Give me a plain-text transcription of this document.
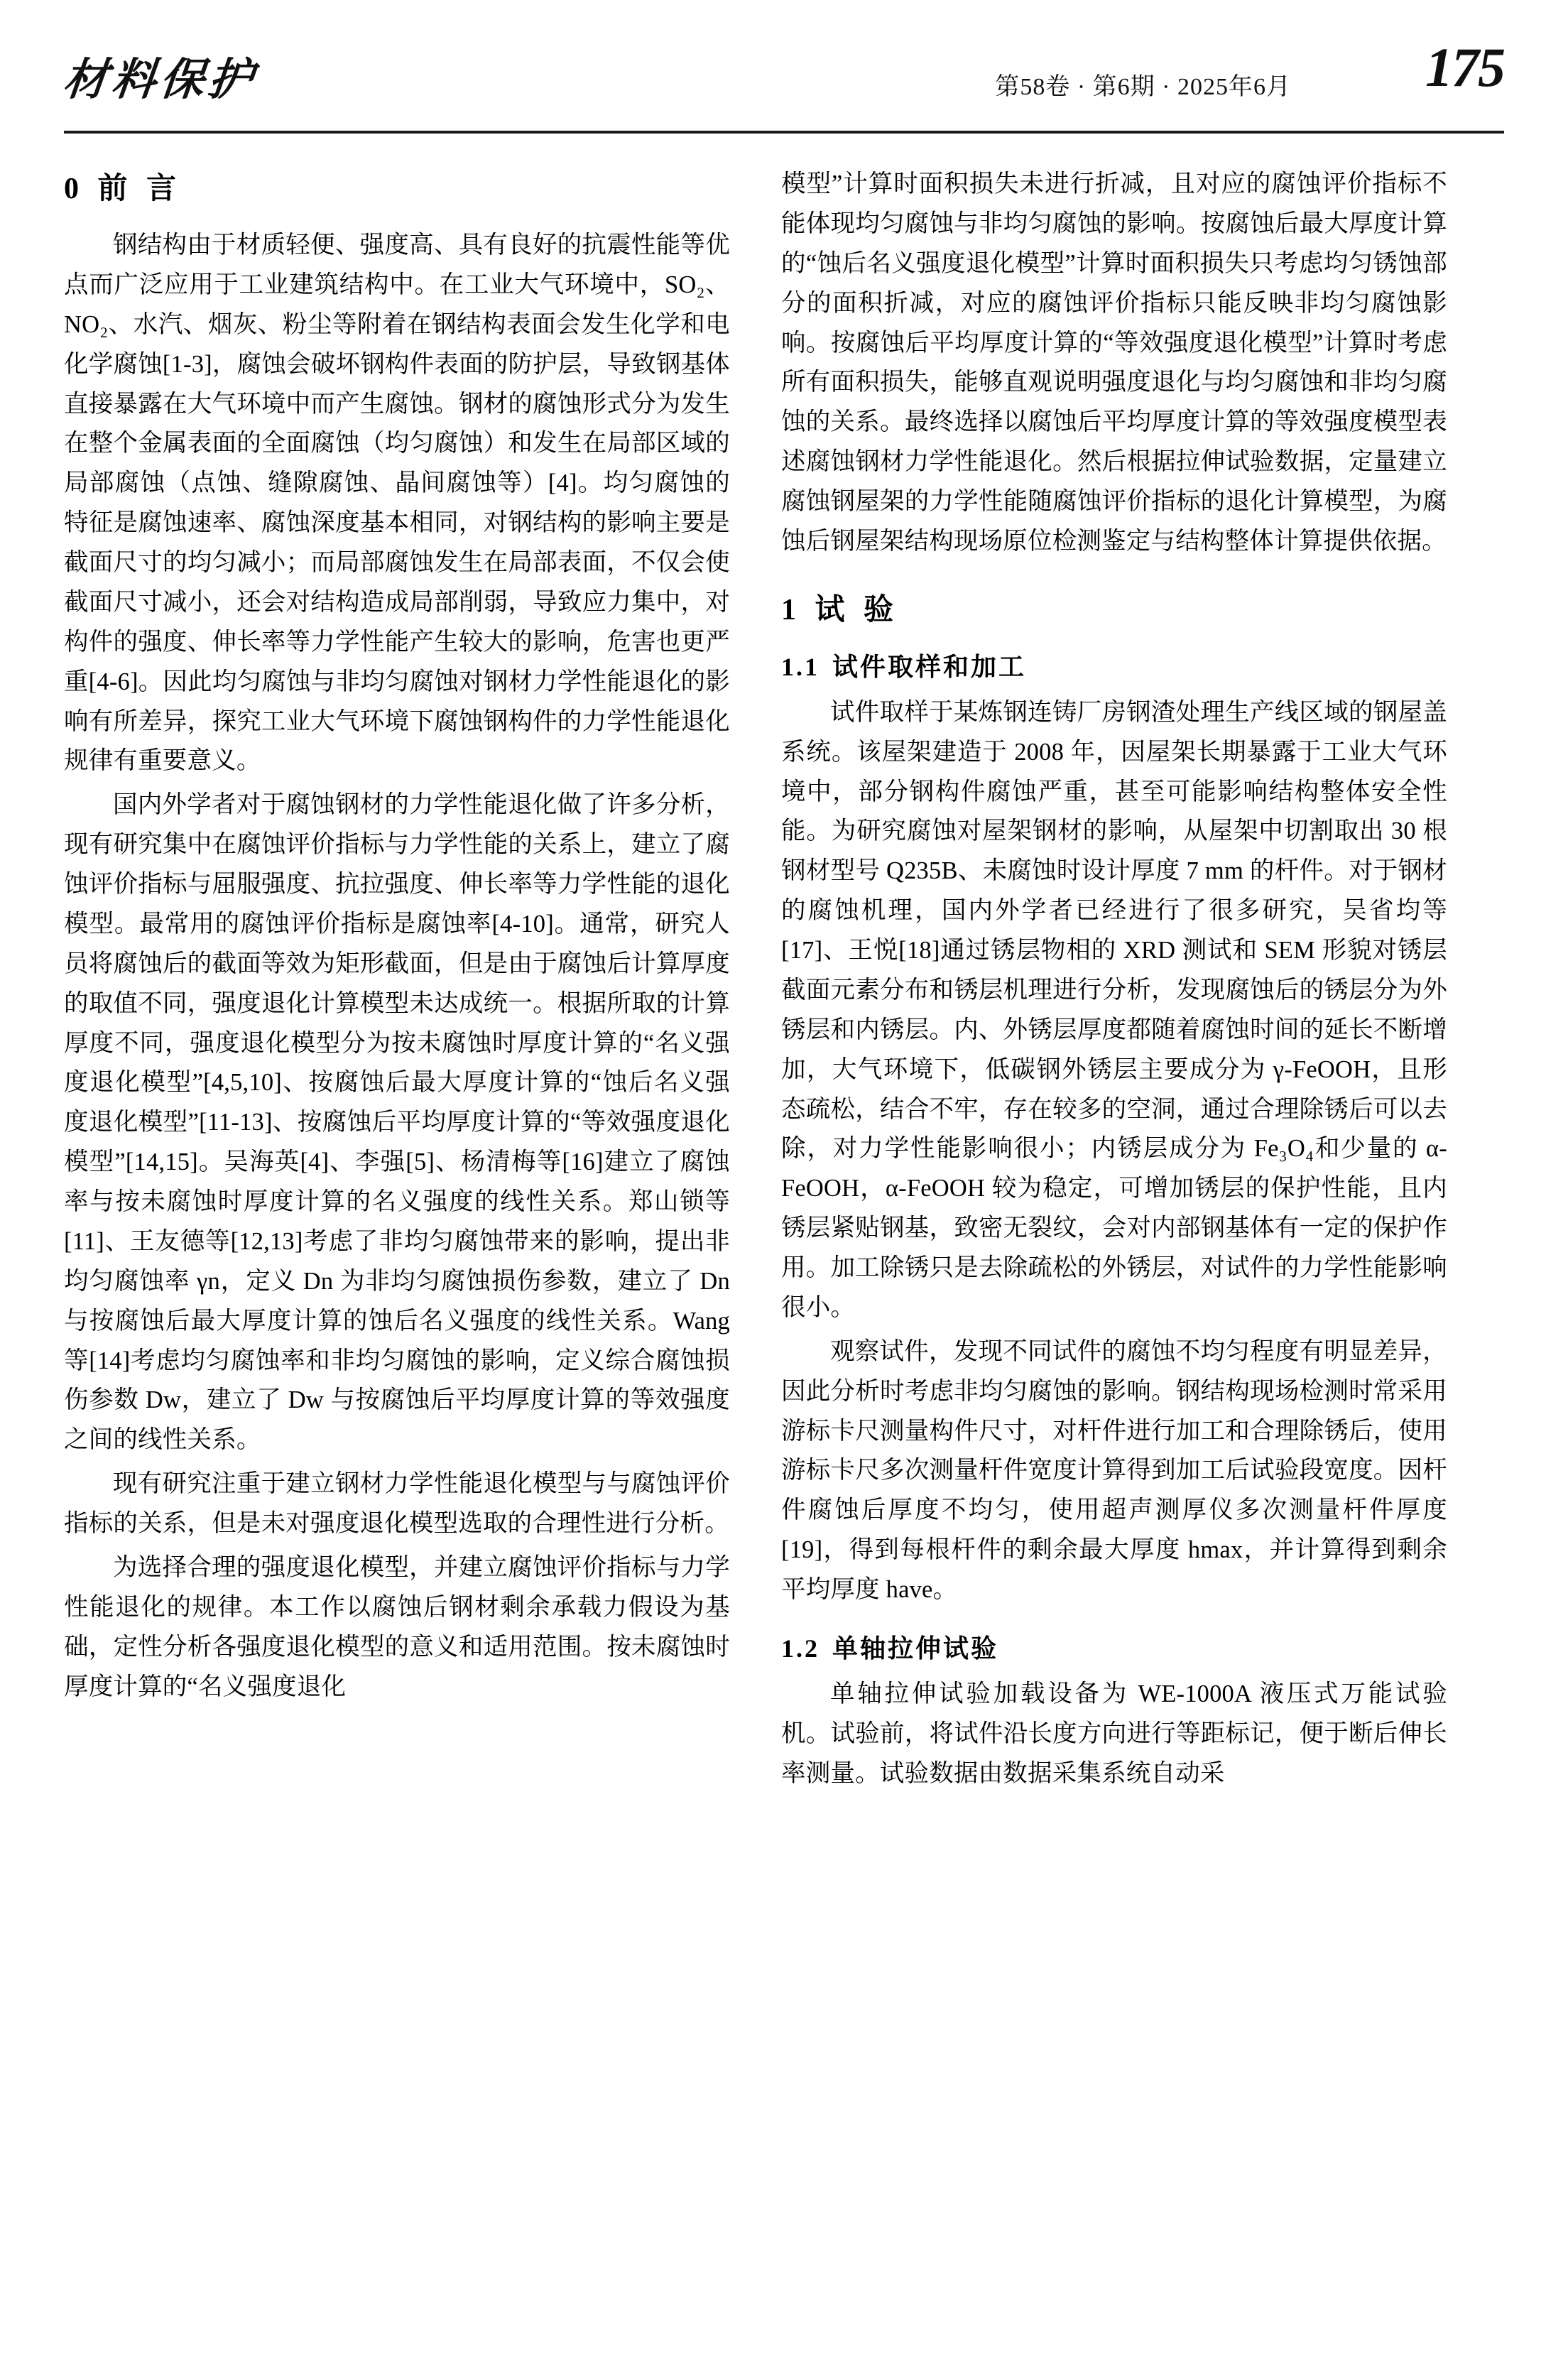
材料保护	第58卷 · 第6期 · 2025年6月 175
0 前 言

钢结构由于材质轻便、强度高、具有良好的抗震性能等优点而广泛应用于工业建筑结构中。在工业大气环境中，SO₂、NO₂、水汽、烟灰、粉尘等附着在钢结构表面会发生化学和电化学腐蚀[1-3]，腐蚀会破坏钢构件表面的防护层，导致钢基体直接暴露在大气环境中而产生腐蚀。钢材的腐蚀形式分为发生在整个金属表面的全面腐蚀（均匀腐蚀）和发生在局部区域的局部腐蚀（点蚀、缝隙腐蚀、晶间腐蚀等）[4]。均匀腐蚀的特征是腐蚀速率、腐蚀深度基本相同，对钢结构的影响主要是截面尺寸的均匀减小；而局部腐蚀发生在局部表面，不仅会使截面尺寸减小，还会对结构造成局部削弱，导致应力集中，对构件的强度、伸长率等力学性能产生较大的影响，危害也更严重[4-6]。因此均匀腐蚀与非均匀腐蚀对钢材力学性能退化的影响有所差异，探究工业大气环境下腐蚀钢构件的力学性能退化规律有重要意义。

国内外学者对于腐蚀钢材的力学性能退化做了许多分析，现有研究集中在腐蚀评价指标与力学性能的关系上，建立了腐蚀评价指标与屈服强度、抗拉强度、伸长率等力学性能的退化模型。最常用的腐蚀评价指标是腐蚀率[4-10]。通常，研究人员将腐蚀后的截面等效为矩形截面，但是由于腐蚀后计算厚度的取值不同，强度退化计算模型未达成统一。根据所取的计算厚度不同，强度退化模型分为按未腐蚀时厚度计算的“名义强度退化模型”[4,5,10]、按腐蚀后最大厚度计算的“蚀后名义强度退化模型”[11-13]、按腐蚀后平均厚度计算的“等效强度退化模型”[14,15]。吴海英[4]、李强[5]、杨清梅等[16]建立了腐蚀率与按未腐蚀时厚度计算的名义强度的线性关系。郑山锁等[11]、王友德等[12,13]考虑了非均匀腐蚀带来的影响，提出非均匀腐蚀率 γn，定义 Dn 为非均匀腐蚀损伤参数，建立了 Dn 与按腐蚀后最大厚度计算的蚀后名义强度的线性关系。Wang 等[14]考虑均匀腐蚀率和非均匀腐蚀的影响，定义综合腐蚀损伤参数 Dw，建立了 Dw 与按腐蚀后平均厚度计算的等效强度之间的线性关系。

现有研究注重于建立钢材力学性能退化模型与与腐蚀评价指标的关系，但是未对强度退化模型选取的合理性进行分析。

为选择合理的强度退化模型，并建立腐蚀评价指标与力学性能退化的规律。本工作以腐蚀后钢材剩余承载力假设为基础，定性分析各强度退化模型的意义和适用范围。按未腐蚀时厚度计算的“名义强度退化

模型”计算时面积损失未进行折减，且对应的腐蚀评价指标不能体现均匀腐蚀与非均匀腐蚀的影响。按腐蚀后最大厚度计算的“蚀后名义强度退化模型”计算时面积损失只考虑均匀锈蚀部分的面积折减，对应的腐蚀评价指标只能反映非均匀腐蚀影响。按腐蚀后平均厚度计算的“等效强度退化模型”计算时考虑所有面积损失，能够直观说明强度退化与均匀腐蚀和非均匀腐蚀的关系。最终选择以腐蚀后平均厚度计算的等效强度模型表述腐蚀钢材力学性能退化。然后根据拉伸试验数据，定量建立腐蚀钢屋架的力学性能随腐蚀评价指标的退化计算模型，为腐蚀后钢屋架结构现场原位检测鉴定与结构整体计算提供依据。

1 试 验
1.1 试件取样和加工

试件取样于某炼钢连铸厂房钢渣处理生产线区域的钢屋盖系统。该屋架建造于 2008 年，因屋架长期暴露于工业大气环境中，部分钢构件腐蚀严重，甚至可能影响结构整体安全性能。为研究腐蚀对屋架钢材的影响，从屋架中切割取出 30 根钢材型号 Q235B、未腐蚀时设计厚度 7 mm 的杆件。对于钢材的腐蚀机理，国内外学者已经进行了很多研究，吴省均等[17]、王悦[18]通过锈层物相的 XRD 测试和 SEM 形貌对锈层截面元素分布和锈层机理进行分析，发现腐蚀后的锈层分为外锈层和内锈层。内、外锈层厚度都随着腐蚀时间的延长不断增加，大气环境下，低碳钢外锈层主要成分为 γ-FeOOH，且形态疏松，结合不牢，存在较多的空洞，通过合理除锈后可以去除，对力学性能影响很小；内锈层成分为 Fe₃O₄和少量的 α-FeOOH，α-FeOOH 较为稳定，可增加锈层的保护性能，且内锈层紧贴钢基，致密无裂纹，会对内部钢基体有一定的保护作用。加工除锈只是去除疏松的外锈层，对试件的力学性能影响很小。

观察试件，发现不同试件的腐蚀不均匀程度有明显差异，因此分析时考虑非均匀腐蚀的影响。钢结构现场检测时常采用游标卡尺测量构件尺寸，对杆件进行加工和合理除锈后，使用游标卡尺多次测量杆件宽度计算得到加工后试验段宽度。因杆件腐蚀后厚度不均匀，使用超声测厚仪多次测量杆件厚度[19]，得到每根杆件的剩余最大厚度 hmax，并计算得到剩余平均厚度 have。

1.2 单轴拉伸试验

单轴拉伸试验加载设备为 WE-1000A 液压式万能试验机。试验前，将试件沿长度方向进行等距标记，便于断后伸长率测量。试验数据由数据采集系统自动采
